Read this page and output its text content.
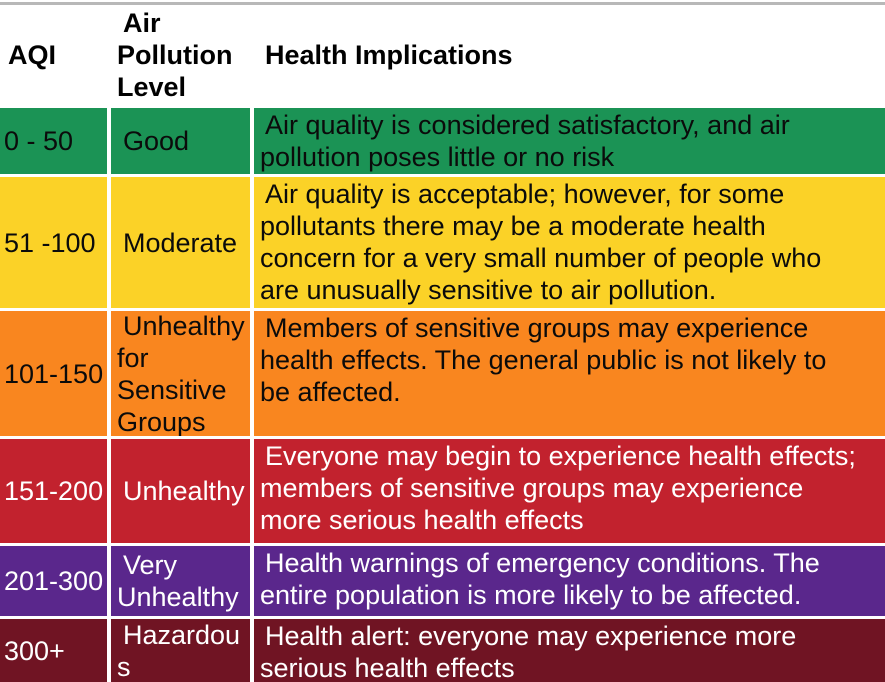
AQI
Air Pollution Level
Health Implications
0 - 50 Good
Air quality is considered satisfactory, and air pollution poses little or no risk
51 -100 Moderate
Air quality is acceptable; however, for some pollutants there may be a moderate health concern for a very small number of people who are unusually sensitive to air pollution.
101-150
Unhealthy for Sensitive Groups
Members of sensitive groups may experience health effects. The general public is not likely to be affected.
151-200 Unhealthy
Everyone may begin to experience health effects; members of sensitive groups may experience more serious health effects
201-300
Very Unhealthy
Health warnings of emergency conditions. The entire population is more likely to be affected.
300+
Hazardous
Health alert: everyone may experience more serious health effects
